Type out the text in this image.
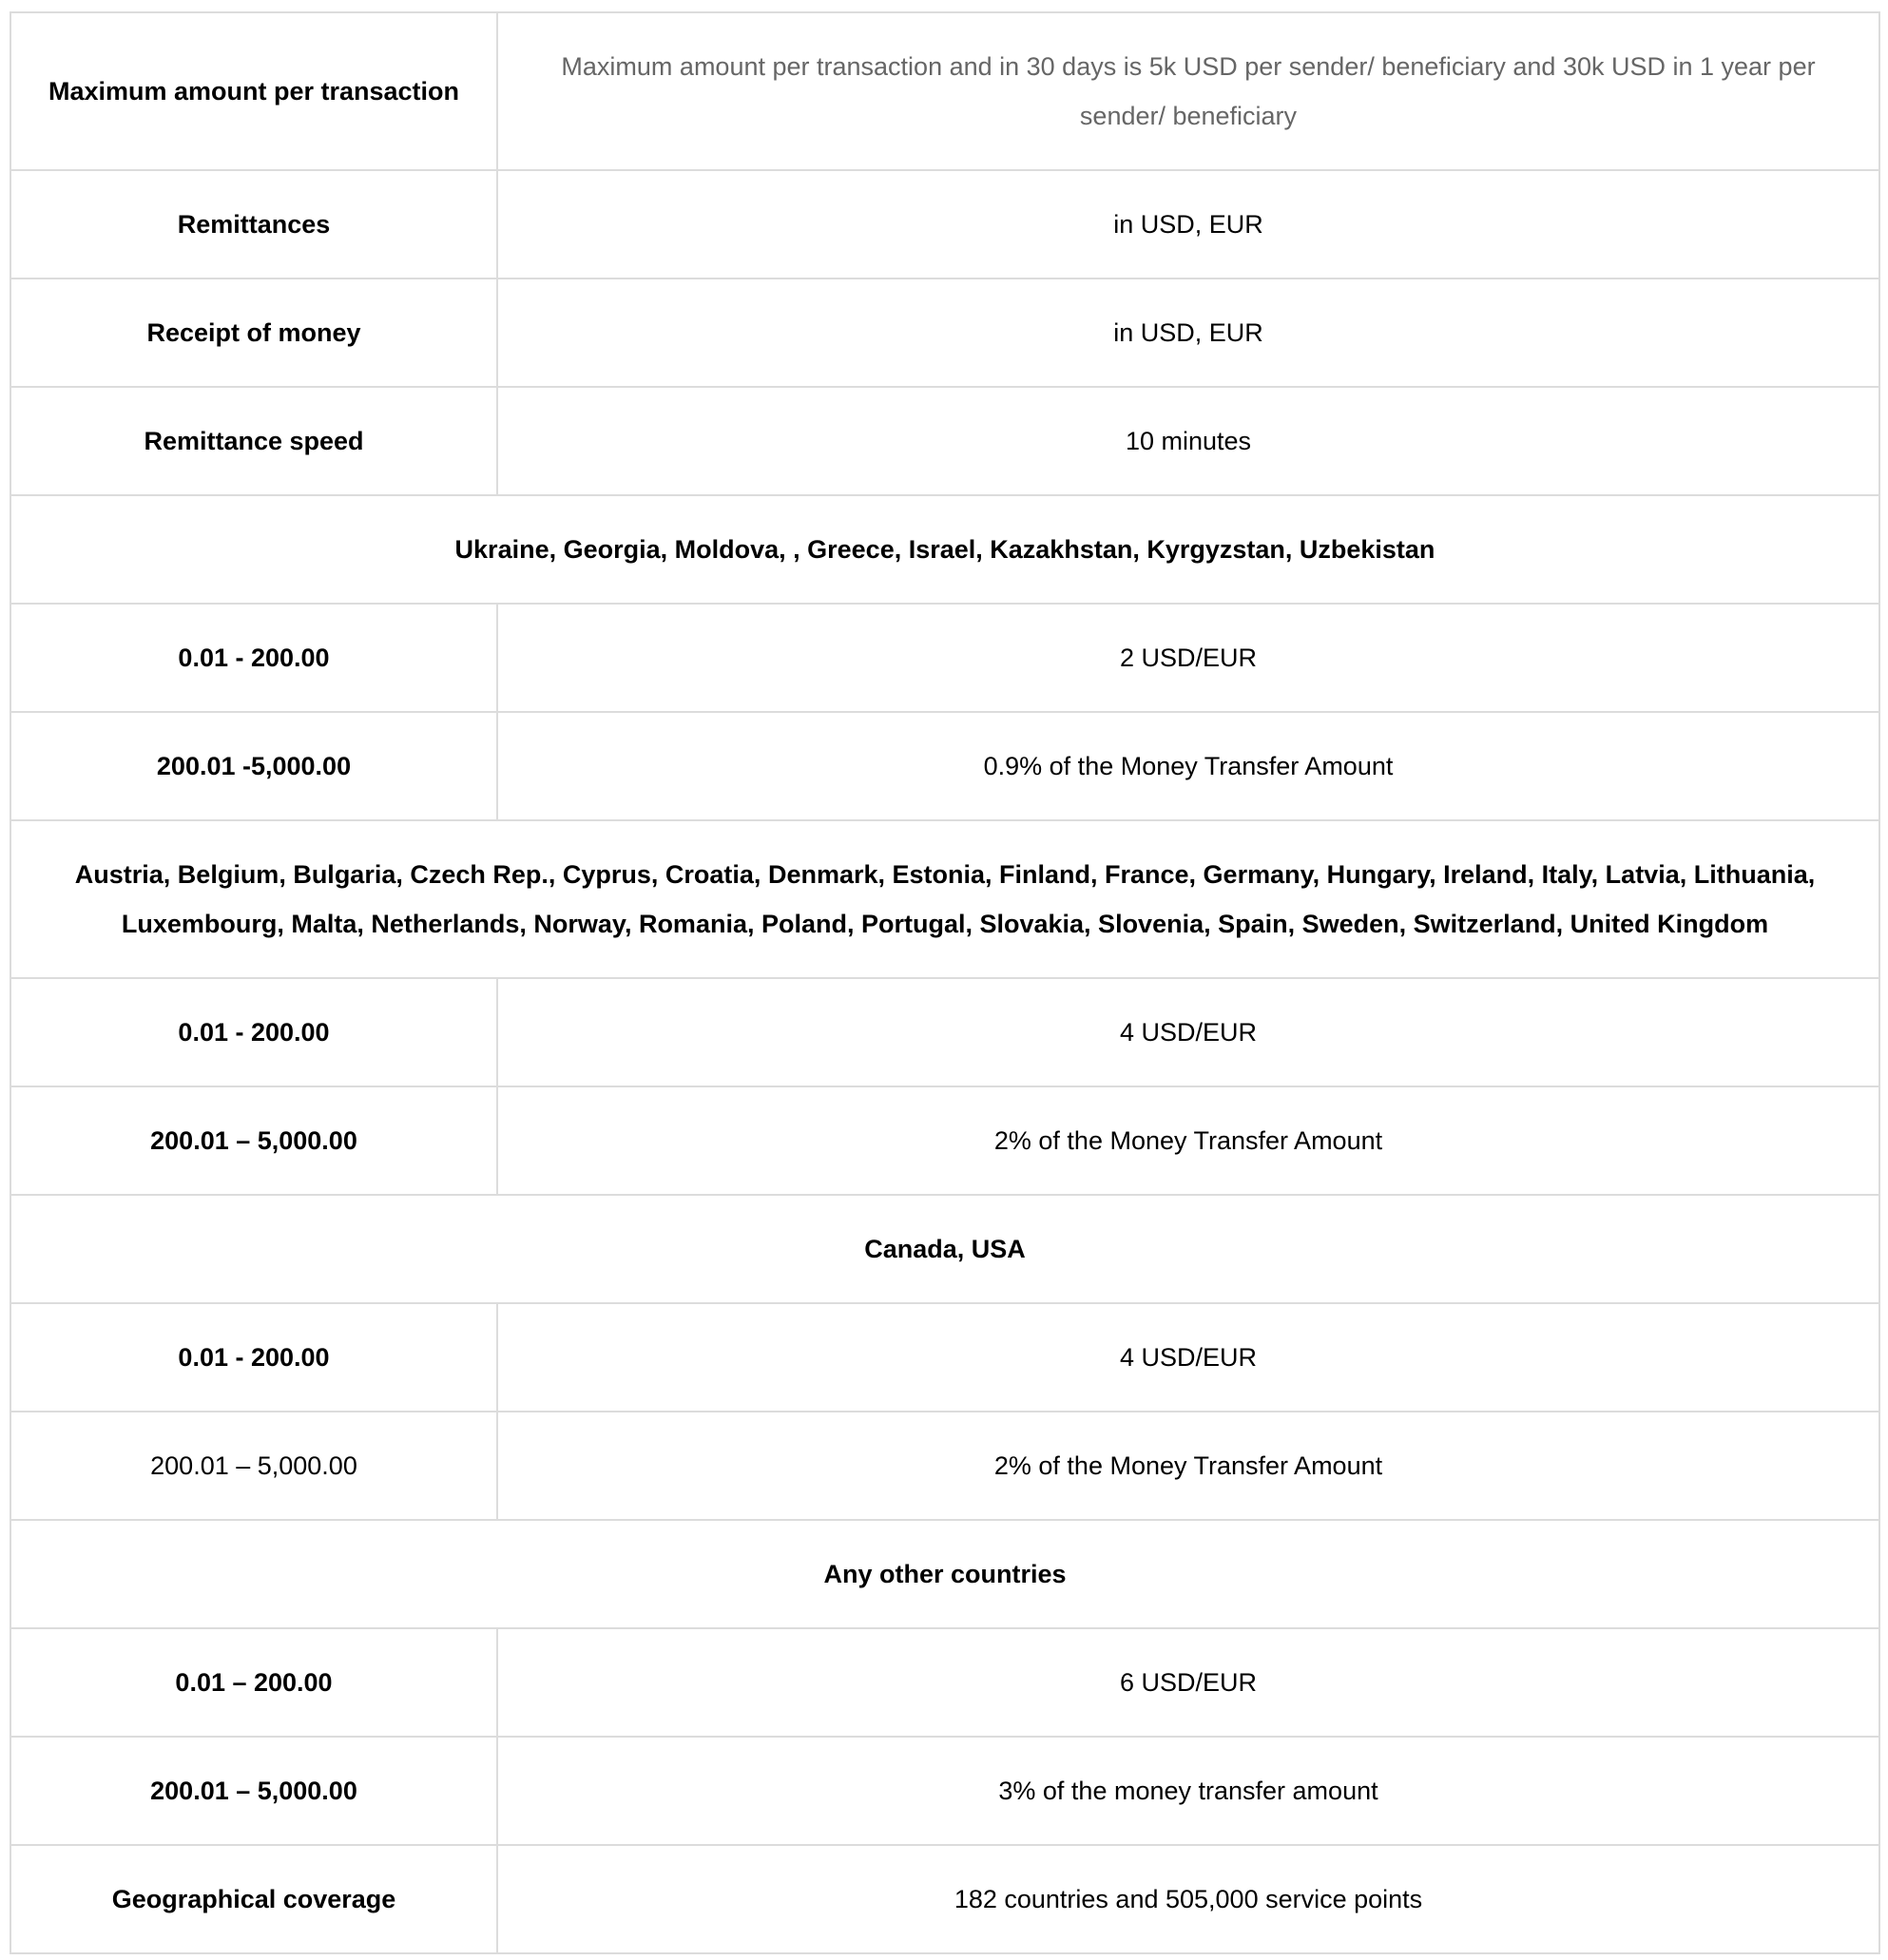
Maximum amount per transaction	Maximum amount per transaction and in 30 days is 5k USD per sender/ beneficiary and 30k USD in 1 year per sender/ beneficiary
Remittances	in USD, EUR
Receipt of money	in USD, EUR
Remittance speed	10 minutes
Ukraine, Georgia, Moldova, , Greece, Israel, Kazakhstan, Kyrgyzstan, Uzbekistan	
0.01 - 200.00	2 USD/EUR
200.01 -5,000.00	0.9% of the Money Transfer Amount
Austria, Belgium, Bulgaria, Czech Rep., Cyprus, Croatia, Denmark, Estonia, Finland, France, Germany, Hungary, Ireland, Italy, Latvia, Lithuania, Luxembourg, Malta, Netherlands, Norway, Romania, Poland, Portugal, Slovakia, Slovenia, Spain, Sweden, Switzerland, United Kingdom	
0.01 - 200.00	4 USD/EUR
200.01 – 5,000.00	2% of the Money Transfer Amount
Canada, USA	
0.01 - 200.00	4 USD/EUR
200.01 – 5,000.00	2% of the Money Transfer Amount
Any other countries	
0.01 – 200.00	6 USD/EUR
200.01 – 5,000.00	3% of the money transfer amount
Geographical coverage	182 countries and 505,000 service points
